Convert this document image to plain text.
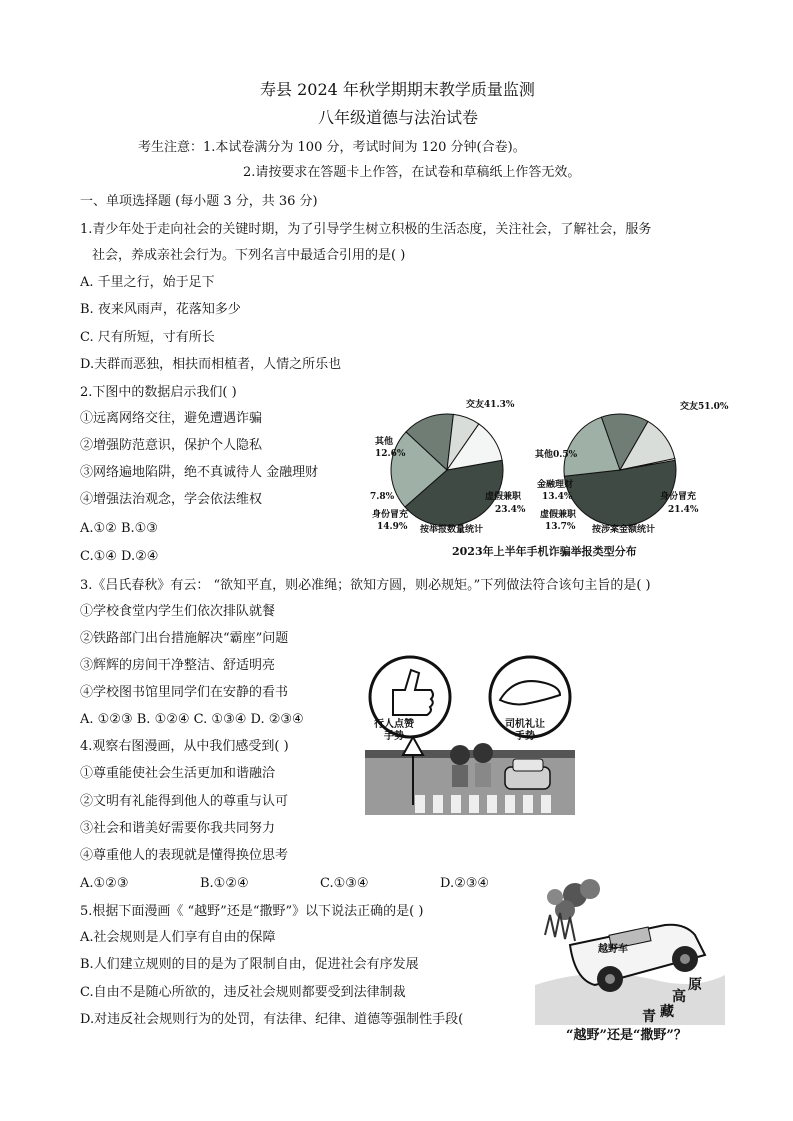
寿县 2024 年秋学期期末教学质量监测
八年级道德与法治试卷
考生注意：1.本试卷满分为 100 分，考试时间为 120 分钟(合卷)。
2.请按要求在答题卡上作答，在试卷和草稿纸上作答无效。
一、单项选择题 (每小题 3 分，共 36 分)
1.青少年处于走向社会的关键时期，为了引导学生树立积极的生活态度，关注社会，了解社会，服务
社会，养成亲社会行为。下列名言中最适合引用的是( )
A. 千里之行，始于足下
B. 夜来风雨声，花落知多少
C. 尺有所短，寸有所长
D.夫群而恶独，相扶而相植者，人情之所乐也
2.下图中的数据启示我们( )
①远离网络交往，避免遭遇诈骗
②增强防范意识，保护个人隐私
③网络遍地陷阱，绝不真诚待人 金融理财
④增强法治观念，学会依法维权
A.①② B.①③
C.①④ D.②④
交友41.3%
其他
12.6%
7.8%
身份冒充
14.9%
虚假兼职
23.4%
按举报数量统计
交友51.0%
其他0.5%
金融理财
13.4%
虚假兼职
13.7%
身份冒充
21.4%
按涉案金额统计
2023年上半年手机诈骗举报类型分布
3.《吕氏春秋》有云： “欲知平直，则必准绳；欲知方圆，则必规矩。”下列做法符合该句主旨的是( )
①学校食堂内学生们依次排队就餐
②铁路部门出台措施解决“霸座”问题
③辉辉的房间干净整洁、舒适明亮
④学校图书馆里同学们在安静的看书
A. ①②③ B. ①②④ C. ①③④ D. ②③④	行人点赞
手势
司机礼让
手势
4.观察右图漫画，从中我们感受到( )
①尊重能使社会生活更加和谐融洽
②文明有礼能得到他人的尊重与认可
③社会和谐美好需要你我共同努力
④尊重他人的表现就是懂得换位思考
A.①②③	B.①②④	C.①③④	D.②③④
5.根据下面漫画《 “越野”还是“撒野”》以下说法正确的是( )
A.社会规则是人们享有自由的保障
B.人们建立规则的目的是为了限制自由，促进社会有序发展
C.自由不是随心所欲的，违反社会规则都要受到法律制裁
D.对违反社会规则行为的处罚，有法律、纪律、道德等强制性手段(
越野车
高
原
藏
青
“越野”还是“撒野”？
